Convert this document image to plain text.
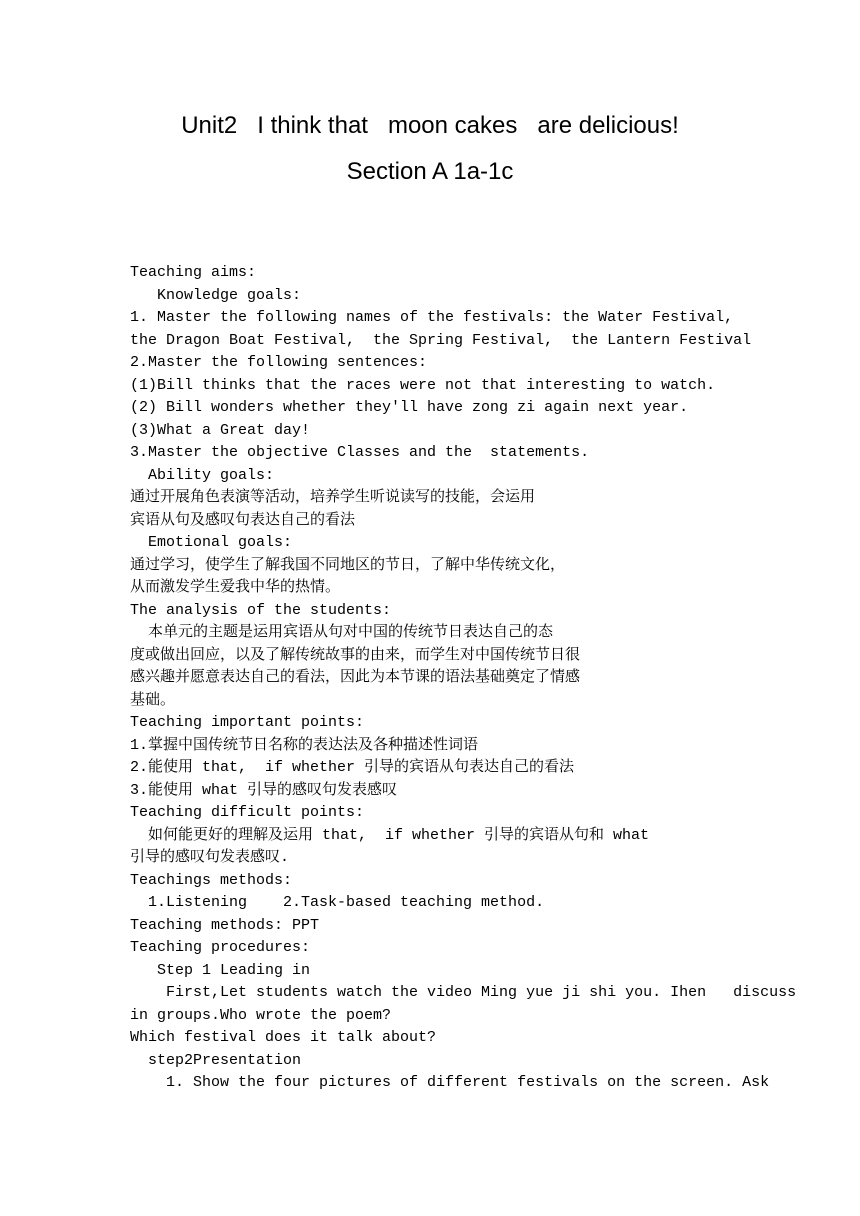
Unit2   I think that   moon cakes   are delicious!
Section A 1a-1c
Teaching aims:
Knowledge goals:
1. Master the following names of the festivals: the Water Festival,
the Dragon Boat Festival,  the Spring Festival,  the Lantern Festival
2.Master the following sentences:
(1)Bill thinks that the races were not that interesting to watch.
(2) Bill wonders whether they'll have zong zi again next year.
(3)What a Great day!
3.Master the objective Classes and the  statements.
Ability goals:
通过开展角色表演等活动，培养学生听说读写的技能，会运用
宾语从句及感叹句表达自己的看法
Emotional goals:
通过学习，使学生了解我国不同地区的节日，了解中华传统文化，
从而激发学生爱我中华的热情。
The analysis of the students:
本单元的主题是运用宾语从句对中国的传统节日表达自己的态
度或做出回应，以及了解传统故事的由来，而学生对中国传统节日很
感兴趣并愿意表达自己的看法，因此为本节课的语法基础奠定了情感
基础。
Teaching important points:
1.掌握中国传统节日名称的表达法及各种描述性词语
2.能使用 that,  if whether 引导的宾语从句表达自己的看法
3.能使用 what 引导的感叹句发表感叹
Teaching difficult points:
如何能更好的理解及运用 that,  if whether 引导的宾语从句和 what
引导的感叹句发表感叹.
Teachings methods:
1.Listening    2.Task-based teaching method.
Teaching methods: PPT
Teaching procedures:
Step 1 Leading in
First,Let students watch the video Ming yue ji shi you. Ihen   discuss
in groups.Who wrote the poem?
Which festival does it talk about?
step2Presentation
1. Show the four pictures of different festivals on the screen. Ask
